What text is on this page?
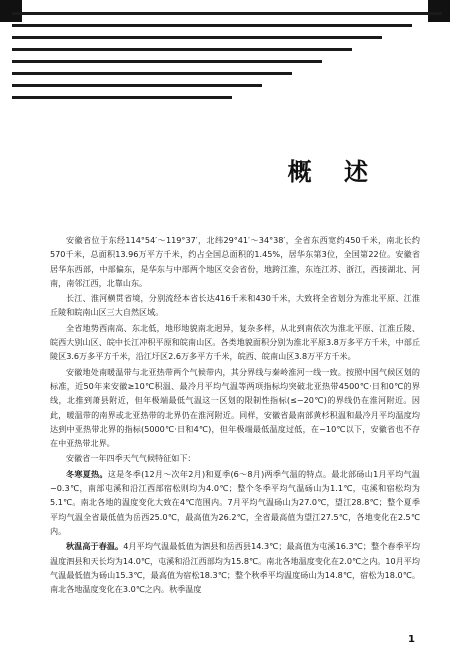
概 述

安徽省位于东经114°54′～119°37′，北纬29°41′～34°38′，全省东西宽约450千米，南北长约570千米，总面积13.96万平方千米，约占全国总面积的1.45%，居华东第3位，全国第22位。安徽省居华东西部，中部偏东，是华东与中部两个地区交会省份，地跨江淮，东连江苏、浙江，西接湖北、河南，南邻江西，北靠山东。

长江、淮河横贯省境，分别流经本省长达416千米和430千米，大致将全省划分为淮北平原、江淮丘陵和皖南山区三大自然区域。

全省地势西南高、东北低，地形地貌南北迥异，复杂多样，从北到南依次为淮北平原、江淮丘陵、皖西大别山区、皖中长江冲积平原和皖南山区。各类地貌面积分别为淮北平原3.8万多平方千米，中部丘陵区3.6万多平方千米，沿江圩区2.6万多平方千米，皖西、皖南山区3.8万平方千米。

安徽地处南暖温带与北亚热带两个气候带内，其分界线与秦岭淮河一线一致。按照中国气候区划的标准，近50年来安徽≥10℃积温、最冷月平均气温等两项指标均突破北亚热带4500℃·日和0℃的界线，北推到萧县附近，但年极端最低气温这一区划的限制性指标(≤−20℃)的界线仍在淮河附近。因此，暖温带的南界或北亚热带的北界仍在淮河附近。同样，安徽省最南部黄杉积温和最冷月平均温度均达到中亚热带北界的指标(5000℃·日和4℃)，但年极端最低温度过低，在−10℃以下，安徽省也不存在中亚热带北界。

安徽省一年四季天气气候特征如下：

冬寒夏热。这是冬季(12月～次年2月)和夏季(6～8月)两季气温的特点。最北部砀山1月平均气温−0.3℃，南部屯溪和沿江西部宿松则均为4.0℃；整个冬季平均气温砀山为1.1℃，屯溪和宿松均为5.1℃。南北各地的温度变化大致在4℃范围内。7月平均气温砀山为27.0℃，望江28.8℃；整个夏季平均气温全省最低值为岳西25.0℃，最高值为26.2℃，全省最高值为望江27.5℃，各地变化在2.5℃内。

秋温高于春温。4月平均气温最低值为泗县和岳西县14.3℃；最高值为屯溪16.3℃；整个春季平均温度泗县和天长均为14.0℃，屯溪和沿江西部均为15.8℃。南北各地温度变化在2.0℃之内。10月平均气温最低值为砀山15.3℃，最高值为宿松18.3℃；整个秋季平均温度砀山为14.8℃，宿松为18.0℃。南北各地温度变化在3.0℃之内。秋季温度

1
